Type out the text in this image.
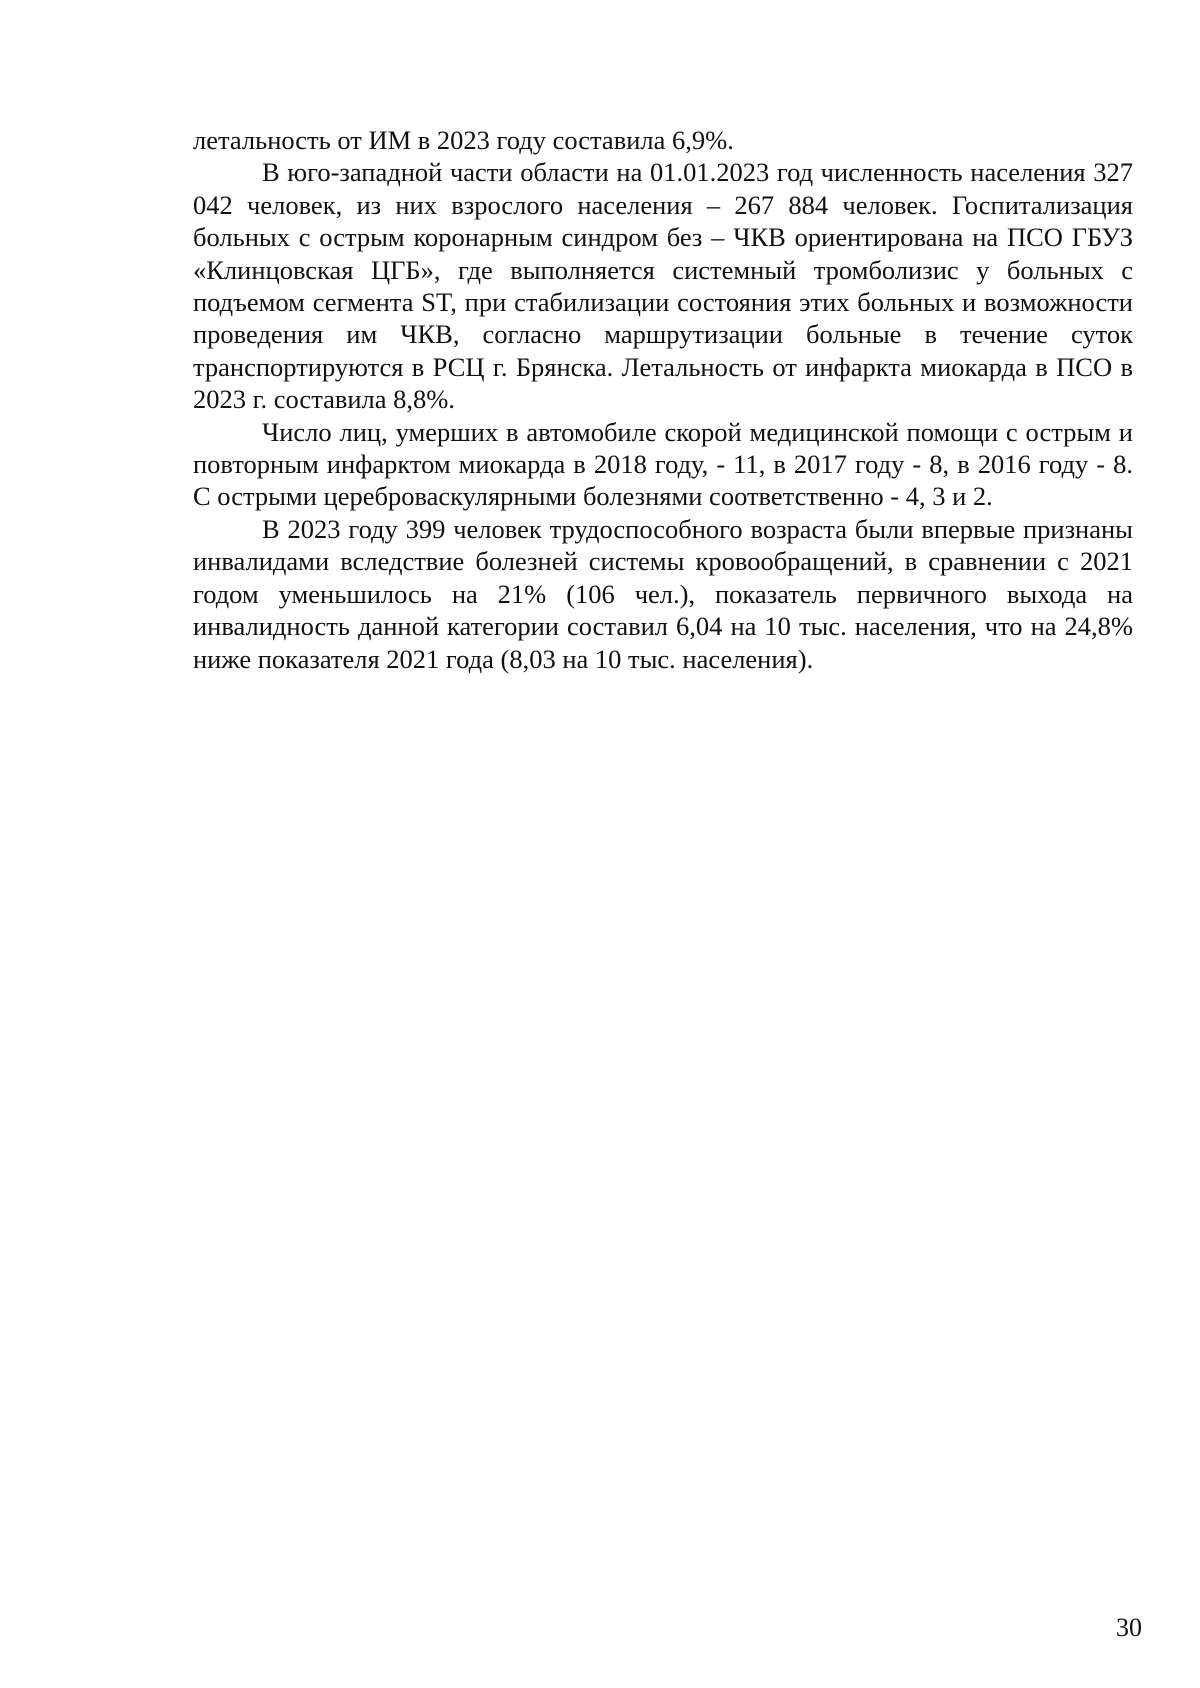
летальность от ИМ в 2023 году составила 6,9%.

В юго-западной части области на 01.01.2023 год численность населения 327 042 человек, из них взрослого населения – 267 884 человек. Госпитализация больных с острым коронарным синдром без – ЧКВ ориентирована на ПСО ГБУЗ «Клинцовская ЦГБ», где выполняется системный тромболизис у больных с подъемом сегмента ST, при стабилизации состояния этих больных и возможности проведения им ЧКВ, согласно маршрутизации больные в течение суток транспортируются в РСЦ г. Брянска. Летальность от инфаркта миокарда в ПСО в 2023 г. составила 8,8%.

Число лиц, умерших в автомобиле скорой медицинской помощи с острым и повторным инфарктом миокарда в 2018 году, - 11, в 2017 году - 8, в 2016 году - 8. С острыми цереброваскулярными болезнями соответственно - 4, 3 и 2.

В 2023 году 399 человек трудоспособного возраста были впервые признаны инвалидами вследствие болезней системы кровообращений, в сравнении с 2021 годом уменьшилось на 21% (106 чел.), показатель первичного выхода на инвалидность данной категории составил 6,04 на 10 тыс. населения, что на 24,8% ниже показателя 2021 года (8,03 на 10 тыс. населения).

30
